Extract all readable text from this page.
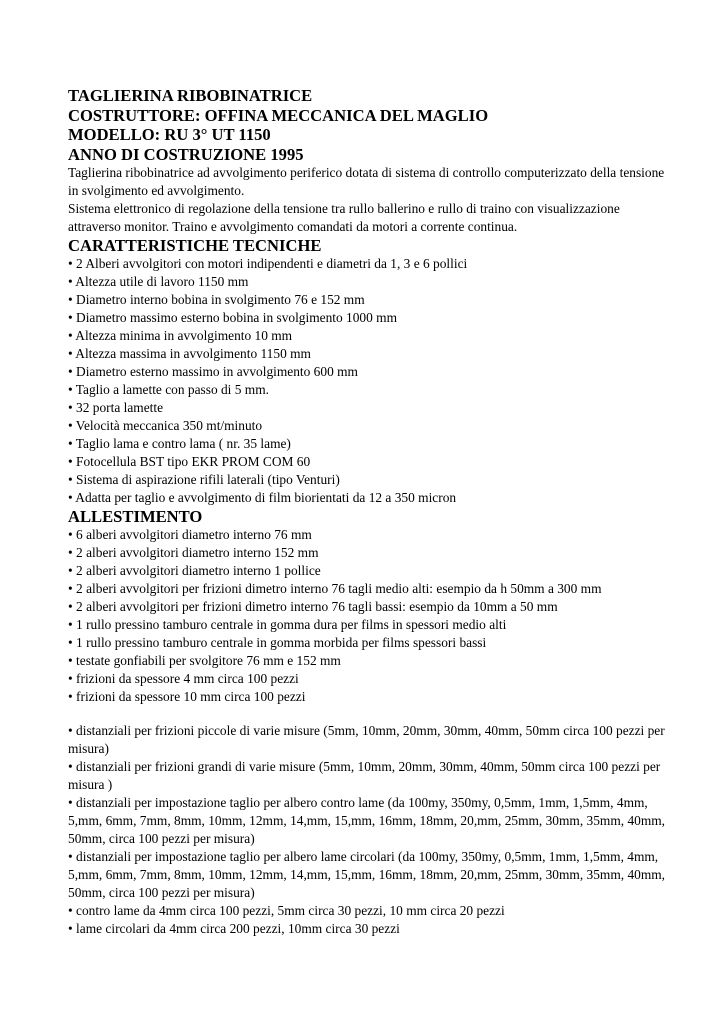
TAGLIERINA RIBOBINATRICE

COSTRUTTORE: OFFINA MECCANICA DEL MAGLIO

MODELLO: RU 3° UT 1150

ANNO DI COSTRUZIONE 1995

Taglierina ribobinatrice ad avvolgimento periferico dotata di sistema di controllo computerizzato della tensione in svolgimento ed avvolgimento.

Sistema elettronico di regolazione della tensione tra rullo ballerino e rullo di traino con visualizzazione attraverso monitor. Traino e avvolgimento comandati da motori a corrente continua.

CARATTERISTICHE TECNICHE

• 2 Alberi avvolgitori con motori indipendenti e diametri da 1, 3 e 6 pollici
• Altezza utile di lavoro 1150 mm
• Diametro interno bobina in svolgimento 76 e 152 mm
• Diametro massimo esterno bobina in svolgimento 1000 mm
• Altezza minima in avvolgimento 10 mm
• Altezza massima in avvolgimento 1150 mm
• Diametro esterno massimo in avvolgimento 600 mm
• Taglio a lamette con passo di 5 mm.
• 32 porta lamette
• Velocità meccanica 350 mt/minuto
• Taglio lama e contro lama ( nr. 35 lame)
• Fotocellula BST tipo EKR PROM COM 60
• Sistema di aspirazione rifili laterali (tipo Venturi)
• Adatta per taglio e avvolgimento di film biorientati da 12 a 350 micron

ALLESTIMENTO

• 6 alberi avvolgitori diametro interno 76 mm
• 2 alberi avvolgitori diametro interno 152 mm
• 2 alberi avvolgitori diametro interno 1 pollice
• 2 alberi avvolgitori per frizioni dimetro interno 76 tagli medio alti: esempio da h 50mm a 300 mm
• 2 alberi avvolgitori per frizioni dimetro interno 76 tagli bassi: esempio da 10mm a 50 mm
• 1 rullo pressino tamburo centrale in gomma dura per films in spessori medio alti
• 1 rullo pressino tamburo centrale in gomma morbida per films spessori bassi
• testate gonfiabili per svolgitore 76 mm e 152 mm
• frizioni da spessore 4 mm circa 100 pezzi
• frizioni da spessore 10 mm circa 100 pezzi
• distanziali per frizioni piccole di varie misure (5mm, 10mm, 20mm, 30mm, 40mm, 50mm circa 100 pezzi per misura)
• distanziali per frizioni grandi di varie misure (5mm, 10mm, 20mm, 30mm, 40mm, 50mm circa 100 pezzi per misura )
• distanziali per impostazione taglio per albero contro lame (da 100my, 350my, 0,5mm, 1mm, 1,5mm, 4mm, 5,mm, 6mm, 7mm, 8mm, 10mm, 12mm, 14,mm, 15,mm, 16mm, 18mm, 20,mm, 25mm, 30mm, 35mm, 40mm, 50mm, circa 100 pezzi per misura)
• distanziali per impostazione taglio per albero lame circolari (da 100my, 350my, 0,5mm, 1mm, 1,5mm, 4mm, 5,mm, 6mm, 7mm, 8mm, 10mm, 12mm, 14,mm, 15,mm, 16mm, 18mm, 20,mm, 25mm, 30mm, 35mm, 40mm, 50mm, circa 100 pezzi per misura)
• contro lame da 4mm circa 100 pezzi, 5mm circa 30 pezzi, 10 mm circa 20 pezzi
• lame circolari da 4mm circa 200 pezzi, 10mm circa 30 pezzi
